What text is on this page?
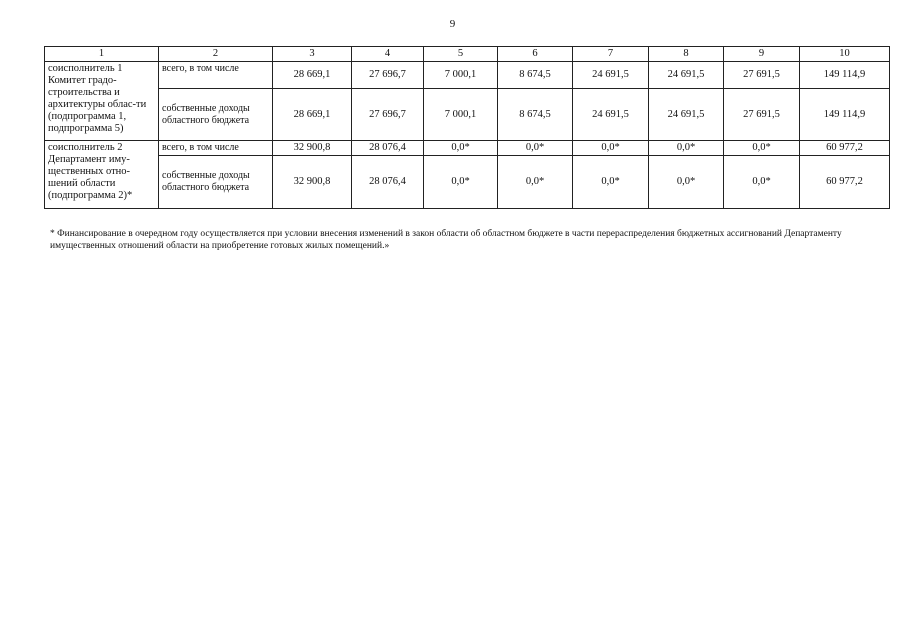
9
1	2	3	4	5	6	7	8	9	10
соисполнитель 1 Комитет градо-строительства и архитектуры облас-ти (подпрограмма 1, подпрограмма 5)	всего, в том числе	28 669,1	27 696,7	7 000,1	8 674,5	24 691,5	24 691,5	27 691,5	149 114,9
	собственные доходы областного бюджета	28 669,1	27 696,7	7 000,1	8 674,5	24 691,5	24 691,5	27 691,5	149 114,9
соисполнитель 2 Департамент иму-щественных отно-шений области (подпрограмма 2)*	всего, в том числе	32 900,8	28 076,4	0,0*	0,0*	0,0*	0,0*	0,0*	60 977,2
	собственные доходы областного бюджета	32 900,8	28 076,4	0,0*	0,0*	0,0*	0,0*	0,0*	60 977,2
* Финансирование в очередном году осуществляется при условии внесения изменений в закон области об областном бюджете в части перераспределения бюджетных ассигнований Департаменту имущественных отношений области на приобретение готовых жилых помещений.»
